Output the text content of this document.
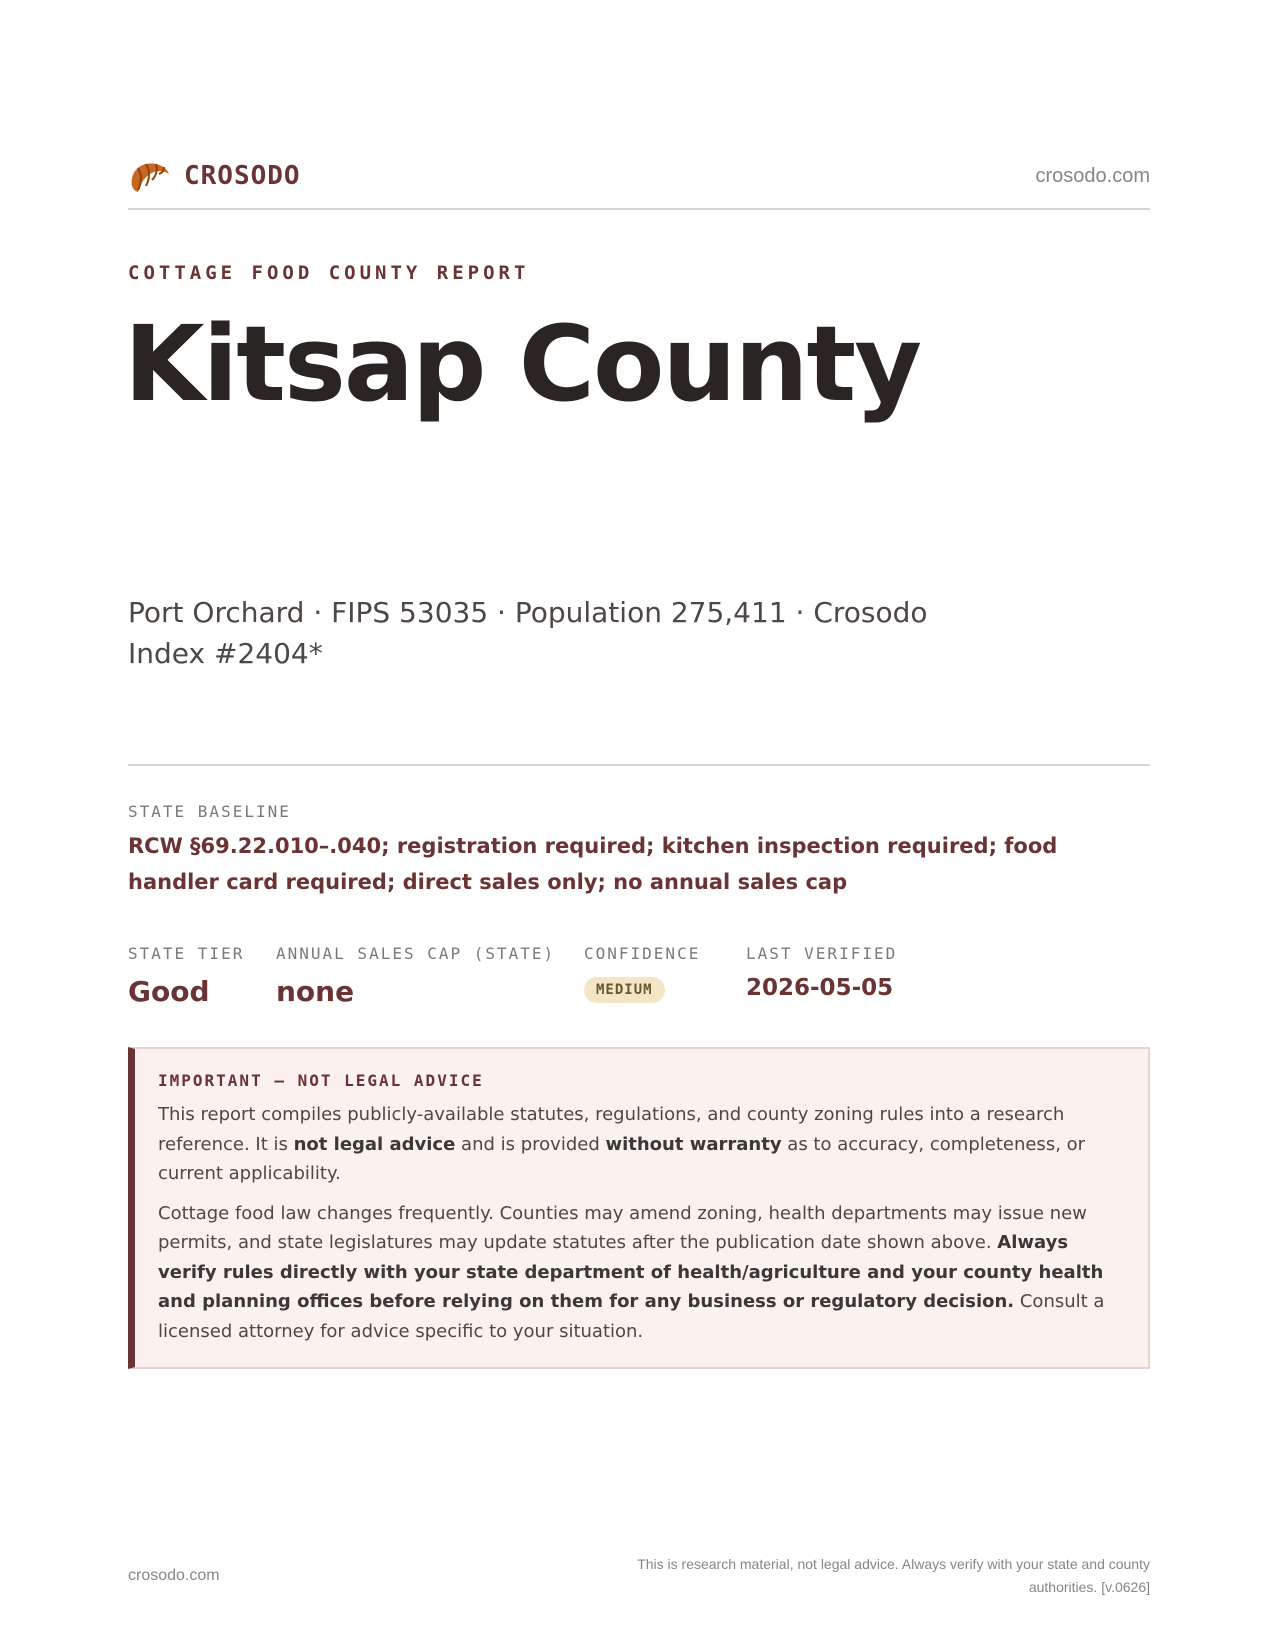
CROSODO	crosodo.com
COTTAGE FOOD COUNTY REPORT
Kitsap County
Port Orchard · FIPS 53035 · Population 275,411 · Crosodo Index #2404*
STATE BASELINE
RCW §69.22.010–.040; registration required; kitchen inspection required; food handler card required; direct sales only; no annual sales cap
STATE TIER
Good
ANNUAL SALES CAP (STATE)
none
CONFIDENCE
MEDIUM
LAST VERIFIED
2026-05-05
IMPORTANT — NOT LEGAL ADVICE

This report compiles publicly-available statutes, regulations, and county zoning rules into a research reference. It is not legal advice and is provided without warranty as to accuracy, completeness, or current applicability.

Cottage food law changes frequently. Counties may amend zoning, health departments may issue new permits, and state legislatures may update statutes after the publication date shown above. Always verify rules directly with your state department of health/agriculture and your county health and planning offices before relying on them for any business or regulatory decision. Consult a licensed attorney for advice specific to your situation.

crosodo.com
This is research material, not legal advice. Always verify with your state and county authorities. [v.0626]
